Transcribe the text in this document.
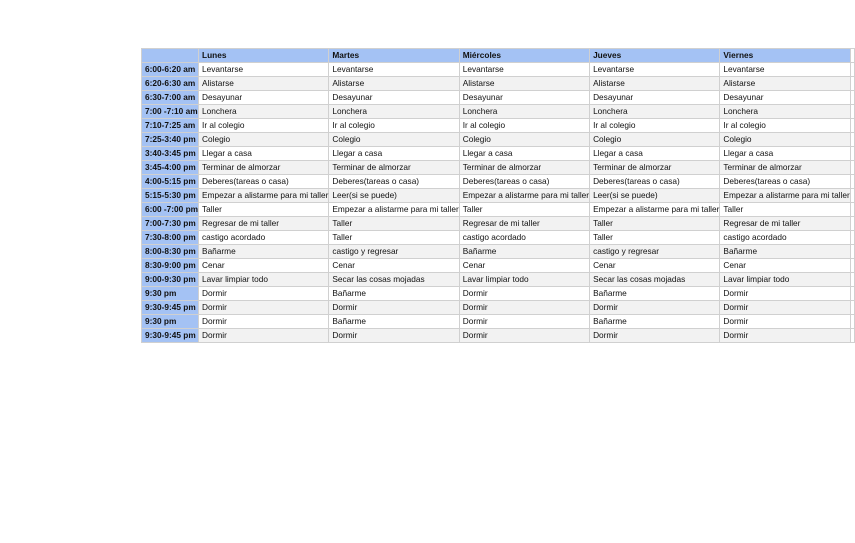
	Lunes	Martes	Miércoles	Jueves	Viernes	
6:00-6:20 am	Levantarse	Levantarse	Levantarse	Levantarse	Levantarse	
6:20-6:30 am	Alistarse	Alistarse	Alistarse	Alistarse	Alistarse	
6:30-7:00 am	Desayunar	Desayunar	Desayunar	Desayunar	Desayunar	
7:00 -7:10 am	Lonchera	Lonchera	Lonchera	Lonchera	Lonchera	
7:10-7:25 am	Ir al colegio	Ir al colegio	Ir al colegio	Ir al colegio	Ir al colegio	
7:25-3:40 pm	Colegio	Colegio	Colegio	Colegio	Colegio	
3:40-3:45 pm	Llegar a casa	Llegar a casa	Llegar a casa	Llegar a casa	Llegar a casa	
3:45-4:00 pm	Terminar de almorzar	Terminar de almorzar	Terminar de almorzar	Terminar de almorzar	Terminar de almorzar	
4:00-5:15 pm	Deberes(tareas o casa)	Deberes(tareas o casa)	Deberes(tareas o casa)	Deberes(tareas o casa)	Deberes(tareas o casa)	
5:15-5:30 pm	Empezar a alistarme para mi taller	Leer(si se puede)	Empezar a alistarme para mi taller	Leer(si se puede)	Empezar a alistarme para mi taller	
6:00 -7:00 pm	Taller	Empezar a alistarme para mi taller	Taller	Empezar a alistarme para mi taller	Taller	
7:00-7:30 pm	Regresar de mi taller	Taller	Regresar de mi taller	Taller	Regresar de mi taller	
7:30-8:00 pm	castigo acordado	Taller	castigo acordado	Taller	castigo acordado	
8:00-8:30 pm	Bañarme	castigo y regresar	Bañarme	castigo y regresar	Bañarme	
8:30-9:00 pm	Cenar	Cenar	Cenar	Cenar	Cenar	
9:00-9:30 pm	Lavar limpiar todo	Secar las cosas mojadas	Lavar limpiar todo	Secar las cosas mojadas	Lavar limpiar todo	
9:30 pm	Dormir	Bañarme	Dormir	Bañarme	Dormir	
9:30-9:45 pm	Dormir	Dormir	Dormir	Dormir	Dormir	
9:30 pm	Dormir	Bañarme	Dormir	Bañarme	Dormir	
9:30-9:45 pm	Dormir	Dormir	Dormir	Dormir	Dormir	
